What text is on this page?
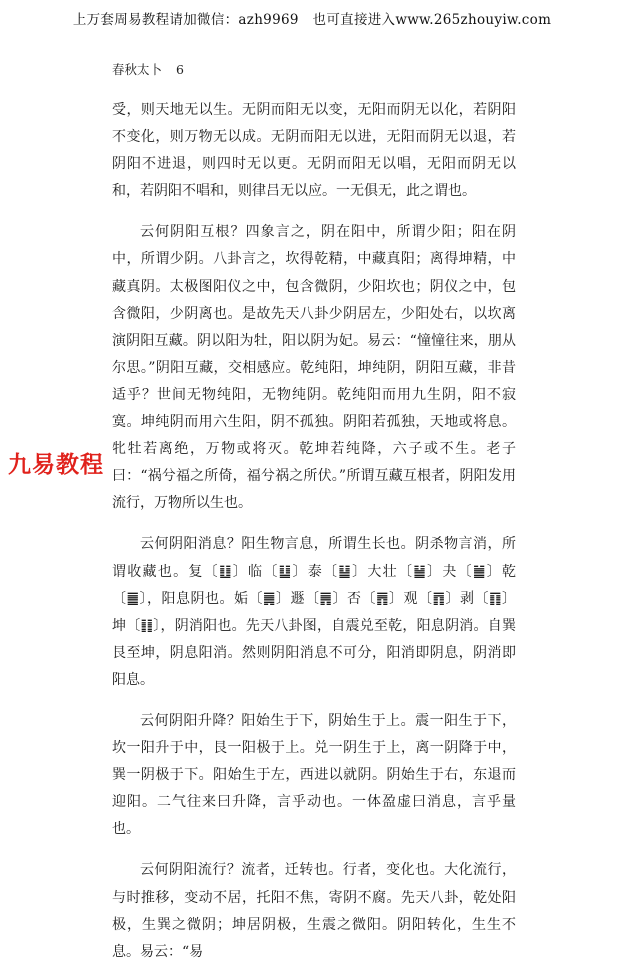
上万套周易教程请加微信：azh9969　也可直接进入www.265zhouyiw.com
春秋太卜 6

受，则天地无以生。无阴而阳无以变，无阳而阴无以化，若阴阳不变化，则万物无以成。无阴而阳无以进，无阳而阴无以退，若阴阳不进退，则四时无以更。无阴而阳无以唱，无阳而阴无以和，若阴阳不唱和，则律吕无以应。一无俱无，此之谓也。

云何阴阳互根？四象言之，阴在阳中，所谓少阳；阳在阴中，所谓少阴。八卦言之，坎得乾精，中藏真阳；离得坤精，中藏真阴。太极图阳仪之中，包含微阴，少阳坎也；阴仪之中，包含微阳，少阴离也。是故先天八卦少阴居左，少阳处右，以坎离演阴阳互藏。阴以阳为牡，阳以阴为妃。易云：“憧憧往来，朋从尔思。”阴阳互藏，交相感应。乾纯阳，坤纯阴，阴阳互藏，非昔适乎？世间无物纯阳，无物纯阴。乾纯阳而用九生阴，阳不寂寞。坤纯阴而用六生阳，阴不孤独。阴阳若孤独，天地或将息。牝牡若离绝，万物或将灭。乾坤若纯降，六子或不生。老子曰：“祸兮福之所倚，福兮祸之所伏。”所谓互藏互根者，阴阳发用流行，万物所以生也。

云何阴阳消息？阳生物言息，所谓生长也。阴杀物言消，所谓收藏也。复〔䷗〕临〔䷒〕泰〔䷊〕大壮〔䷡〕夬〔䷪〕乾〔䷀〕，阳息阴也。姤〔䷫〕遯〔䷠〕否〔䷋〕观〔䷓〕剥〔䷖〕坤〔䷁〕，阴消阳也。先天八卦图，自震兑至乾，阳息阴消。自巽艮至坤，阴息阳消。然则阴阳消息不可分，阳消即阴息，阴消即阳息。

云何阴阳升降？阳始生于下，阴始生于上。震一阳生于下，坎一阳升于中，艮一阳极于上。兑一阴生于上，离一阴降于中，巽一阴极于下。阳始生于左，西进以就阴。阴始生于右，东退而迎阳。二气往来曰升降，言乎动也。一体盈虚曰消息，言乎量也。

云何阴阳流行？流者，迁转也。行者，变化也。大化流行，与时推移，变动不居，托阳不焦，寄阴不腐。先天八卦，乾处阳极，生巽之微阴；坤居阴极，生震之微阳。阴阳转化，生生不息。易云：“易

九易教程
